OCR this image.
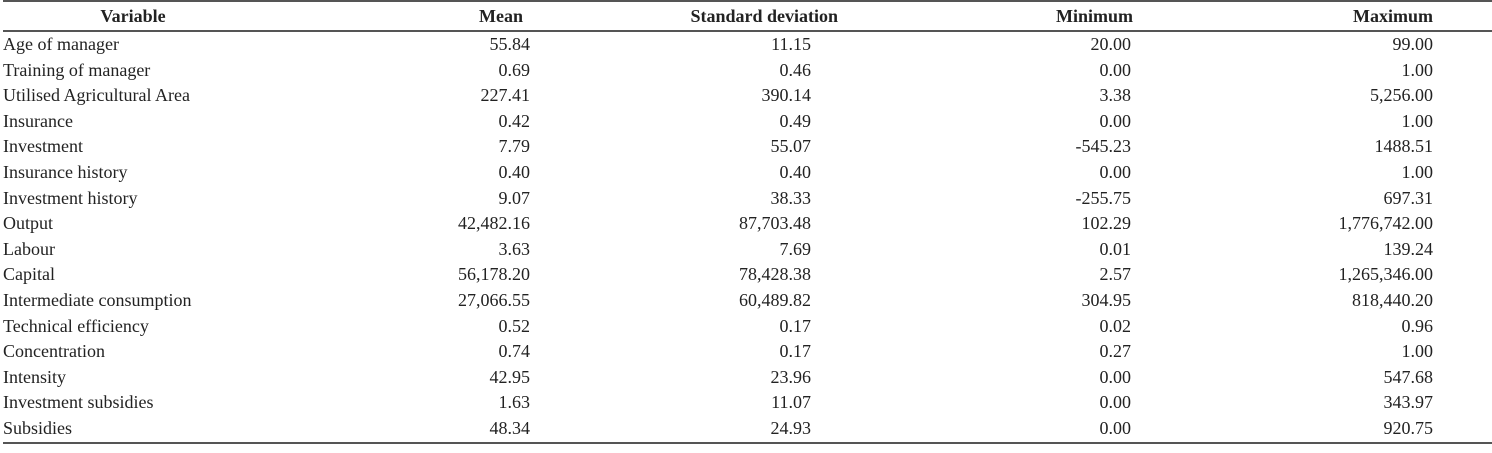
Variable	Mean	Standard deviation	Minimum	Maximum
Age of manager	55.84	11.15	20.00	99.00
Training of manager	0.69	0.46	0.00	1.00
Utilised Agricultural Area	227.41	390.14	3.38	5,256.00
Insurance	0.42	0.49	0.00	1.00
Investment	7.79	55.07	-545.23	1488.51
Insurance history	0.40	0.40	0.00	1.00
Investment history	9.07	38.33	-255.75	697.31
Output	42,482.16	87,703.48	102.29	1,776,742.00
Labour	3.63	7.69	0.01	139.24
Capital	56,178.20	78,428.38	2.57	1,265,346.00
Intermediate consumption	27,066.55	60,489.82	304.95	818,440.20
Technical efficiency	0.52	0.17	0.02	0.96
Concentration	0.74	0.17	0.27	1.00
Intensity	42.95	23.96	0.00	547.68
Investment subsidies	1.63	11.07	0.00	343.97
Subsidies	48.34	24.93	0.00	920.75
